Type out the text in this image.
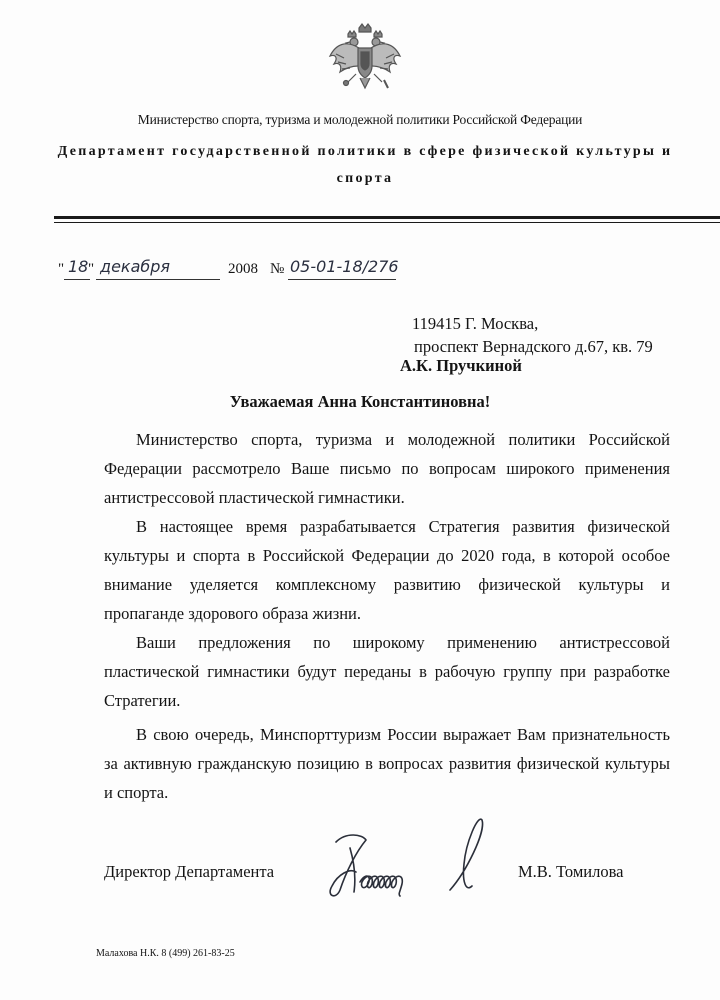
Министерство спорта, туризма и молодежной политики Российской Федерации
Департамент государственной политики в сфере физической культуры и спорта
" 18 " декабря	2008 № 05-01-18/276
119415 Г. Москва,
проспект Вернадского д.67, кв. 79
А.К. Пручкиной
Уважаемая Анна Константиновна!

Министерство спорта, туризма и молодежной политики Российской Федерации рассмотрело Ваше письмо по вопросам широкого применения антистрессовой пластической гимнастики.

В настоящее время разрабатывается Стратегия развития физической культуры и спорта в Российской Федерации до 2020 года, в которой особое внимание уделяется комплексному развитию физической культуры и пропаганде здорового образа жизни.

Ваши предложения по широкому применению антистрессовой пластической гимнастики будут переданы в рабочую группу при разработке Стратегии.

В свою очередь, Минспорттуризм России выражает Вам признательность за активную гражданскую позицию в вопросах развития физической культуры и спорта.

Директор Департамента	М.В. Томилова
Малахова Н.К. 8 (499) 261-83-25
